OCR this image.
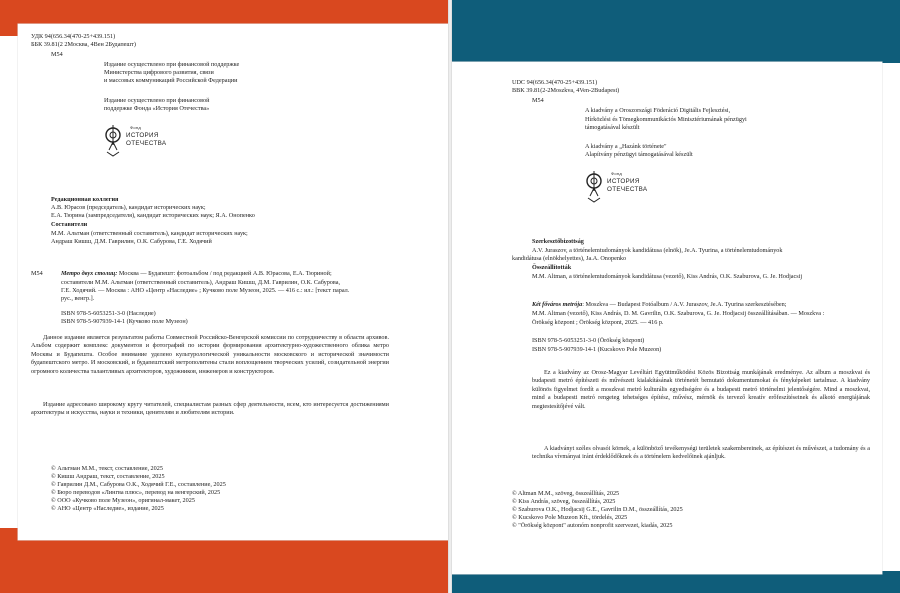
УДК 94(656.34(470-25+439.151)
ББК 39.81(2 2Москва, 4Вен 2Будапешт)
М54
Издание осуществлено при финансовой поддержке
Министерства цифрового развития, связи
и массовых коммуникаций Российской Федерации
Издание осуществлено при финансовой
поддержке Фонда «История Отечества»
Фонд
ИСТОРИЯ
ОТЕЧЕСТВА
Редакционная коллегия
А.В. Юрасов (председатель), кандидат исторических наук;
Е.А. Тюрина (зампредседателя), кандидат исторических наук; Я.А. Онопенко
Составители
М.М. Альтман (ответственный составитель), кандидат исторических наук;
Андраш Кишш, Д.М. Гаврилин, О.К. Сабурова, Г.Е. Ходячий
М54	Метро двух столиц: Москва — Будапешт: фотоальбом / под редакцией А.В. Юрасова, Е.А. Тюриной;
составители М.М. Альтман (ответственный составитель), Андраш Кишш, Д.М. Гаврилин, О.К. Сабурова,
Г.Е. Ходячий. — Москва : АНО «Центр «Наследие» ; Кучково поле Музеон, 2025. — 416 с.: ил.: [текст парал.
рус., венгр.].
ISBN 978-5-6053251-3-0 (Наследие)
ISBN 978-5-907939-14-1 (Кучково поле Музеон)
Данное издание является результатом работы Совместной Российско-Венгерской комиссии по сотрудничеству в области архивов. Альбом содержит комплекс документов и фотографий по истории формирования архитектурно-художественного облика метро Москвы и Будапешта. Особое внимание уделено культурологической уникальности московского и исторической значимости будапештского метро. И московский, и будапештский метрополитены стали воплощением творческих усилий, созидательной энергии огромного количества талантливых архитекторов, художников, инженеров и конструкторов.
Издание адресовано широкому кругу читателей, специалистам разных сфер деятельности, всем, кто интересуется достижениями архитектуры и искусства, науки и техники, ценителям и любителям истории.
© Альтман М.М., текст, составление, 2025
© Кишш Андраш, текст, составление, 2025
© Гаврилин Д.М., Сабурова О.К., Ходячий Г.Е., составление, 2025
© Бюро переводов «Лингва плюс», перевод на венгерский, 2025
© ООО «Кучково поле Музеон», оригинал-макет, 2025
© АНО «Центр «Наследие», издание, 2025
UDC 94(656.34(470-25+439.151)
BBK 39.81(2-2Moszkva, 4Ven-2Budapest)
M54
A kiadvány a Oroszországi Föderáció Digitális Fejlesztési,
Hírközlési és Tömegkommunikációs Minisztériumának pénzügyi
támogatásával készült
A kiadvány a „Hazánk története"
Alapítvány pénzügyi támogatásával készült
Фонд
ИСТОРИЯ
ОТЕЧЕСТВА
Szerkesztőbizottság
A.V. Juraszov, a történelemtudományok kandidátusa (elnök), Je.A. Tyurina, a történelemtudományok
kandidátusa (elnökhelyettes), Ja.A. Onopenko
Összeállították
M.M. Altman, a történelemtudományok kandidátusa (vezető), Kiss András, O.K. Szaburova, G. Je. Hodjacsij
Két főváros metrója: Moszkva — Budapest Fotóalbum / A.V. Juraszov, Je.A. Tyurina szerkesztésében;
M.M. Altman (vezető), Kiss András, D. M. Gavrilin, O.K. Szaburova, G. Je. Hodjacsij összeállításában. — Moszkva :
Örökség központ ; Örökség központ, 2025. — 416 p.
ISBN 978-5-6053251-3-0 (Örökség központ)
ISBN 978-5-907939-14-1 (Kucskovo Pole Muzeon)
Ez a kiadvány az Orosz-Magyar Levéltári Együttműködési Közös Bizottság munkájának eredménye. Az album a moszkvai és budapesti metró építészeti és művészeti kialakításának történetét bemutató dokumentumokat és fényképeket tartalmaz. A kiadvány különös figyelmet fordít a moszkvai metró kulturális egyediségére és a budapesti metró történelmi jelentőségére. Mind a moszkvai, mind a budapesti metró rengeteg tehetséges építész, művész, mérnök és tervező kreatív erőfeszítéseinek és alkotó energiájának megtestesítőjévé vált.
A kiadványt széles olvasói körnek, a különböző tevékenységi területek szakembereinek, az építészet és művészet, a tudomány és a technika vívmányai iránt érdeklődőknek és a történelem kedvelőinek ajánljuk.
© Altman M.M., szöveg, összeállítás, 2025
© Kiss András, szöveg, összeállítás, 2025
© Szaburova O.K., Hodjacsij G.E., Gavrilin D.M., összeállítás, 2025
© Kucskovo Pole Muzeon Kft., tördelés, 2025
© "Örökség központ" autonóm nonprofit szervezet, kiadás, 2025
